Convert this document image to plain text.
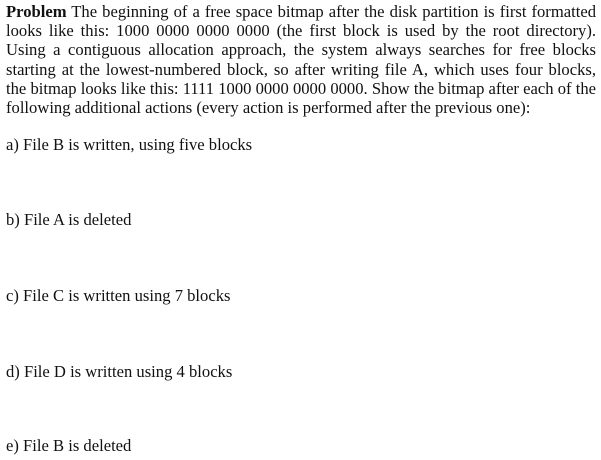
Problem The beginning of a free space bitmap after the disk partition is first formatted looks like this: 1000 0000 0000 0000 (the first block is used by the root directory). Using a contiguous allocation approach, the system always searches for free blocks starting at the lowest-numbered block, so after writing file A, which uses four blocks, the bitmap looks like this: 1111 1000 0000 0000 0000. Show the bitmap after each of the following additional actions (every action is performed after the previous one):

a) File B is written, using five blocks
b) File A is deleted
c) File C is written using 7 blocks
d) File D is written using 4 blocks
e) File B is deleted
